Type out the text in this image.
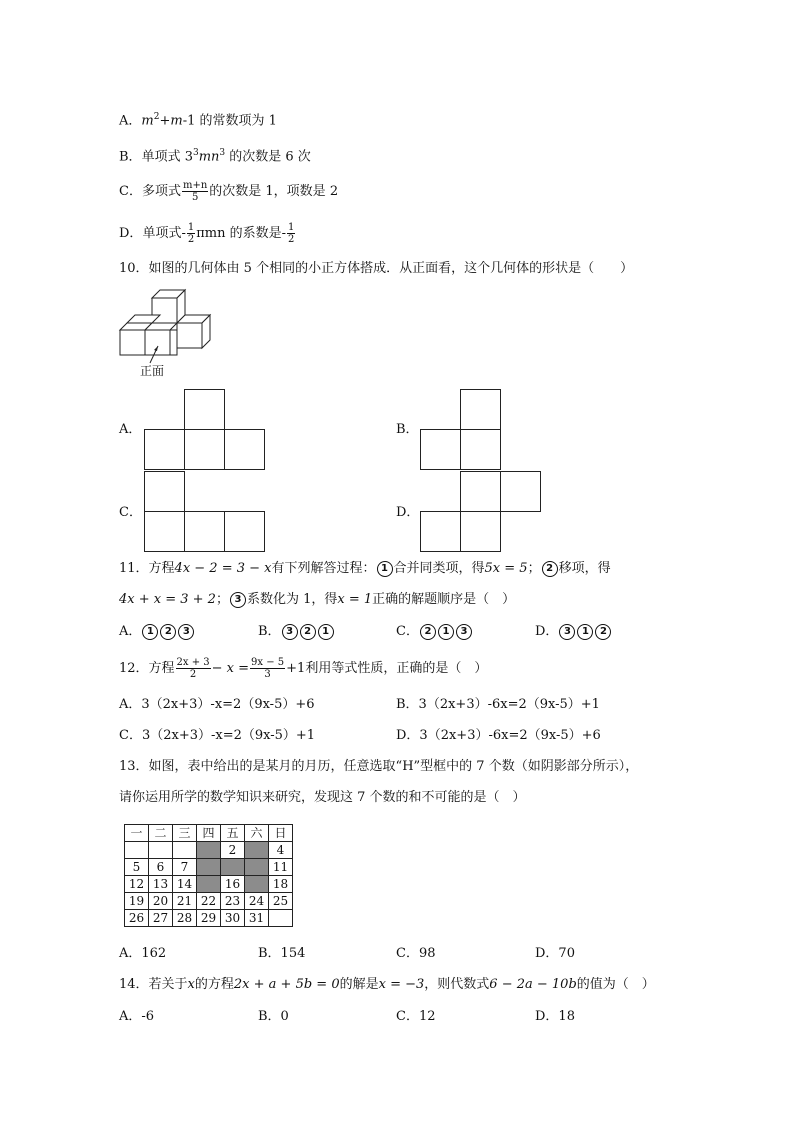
A．$m^2+m-1$ 的常数项为 1
B．单项式 $3^3mn^3$ 的次数是 6 次
C．多项式 $\frac{m+n}{5}$ 的次数是 1，项数是 2
D．单项式- $\frac{1}{2}$ πmn 的系数是- $\frac{1}{2}$
10．如图的几何体由 5 个相同的小正方体搭成．从正面看，这个几何体的形状是（　　）
正面
A．	B．
C．	D．
11．方程4x − 2 = 3 − x有下列解答过程： 1 合并同类项，得5x = 5； 2 移项，得
4x + x = 3 + 2； 3 系数化为 1，得x = 1正确的解题顺序是（　）
A． 1 2 3	B． 3 2 1	C． 2 1 3	D． 3 1 2
12．方程 $\frac{2x + 3}{2} - x = \frac{9x - 5}{3} +1$利用等式性质，正确的是（　）
A．3（2x+3）-x=2（9x-5）+6	B．3（2x+3）-6x=2（9x-5）+1
C．3（2x+3）-x=2（9x-5）+1	D．3（2x+3）-6x=2（9x-5）+6
13．如图，表中给出的是某月的月历，任意选取“H”型框中的 7 个数（如阴影部分所示），
请你运用所学的数学知识来研究，发现这 7 个数的和不可能的是（　）
一	二	三	四	五	六	日
				2		4
5	6	7				11
12	13	14		16		18
19	20	21	22	23	24	25
26	27	28	29	30	31	
A．162	B．154	C．98	D．70
14．若关于x的方程2x + a + 5b = 0的解是x = −3，则代数式6 − 2a − 10b的值为（　）
A．-6	B．0	C．12	D．18
